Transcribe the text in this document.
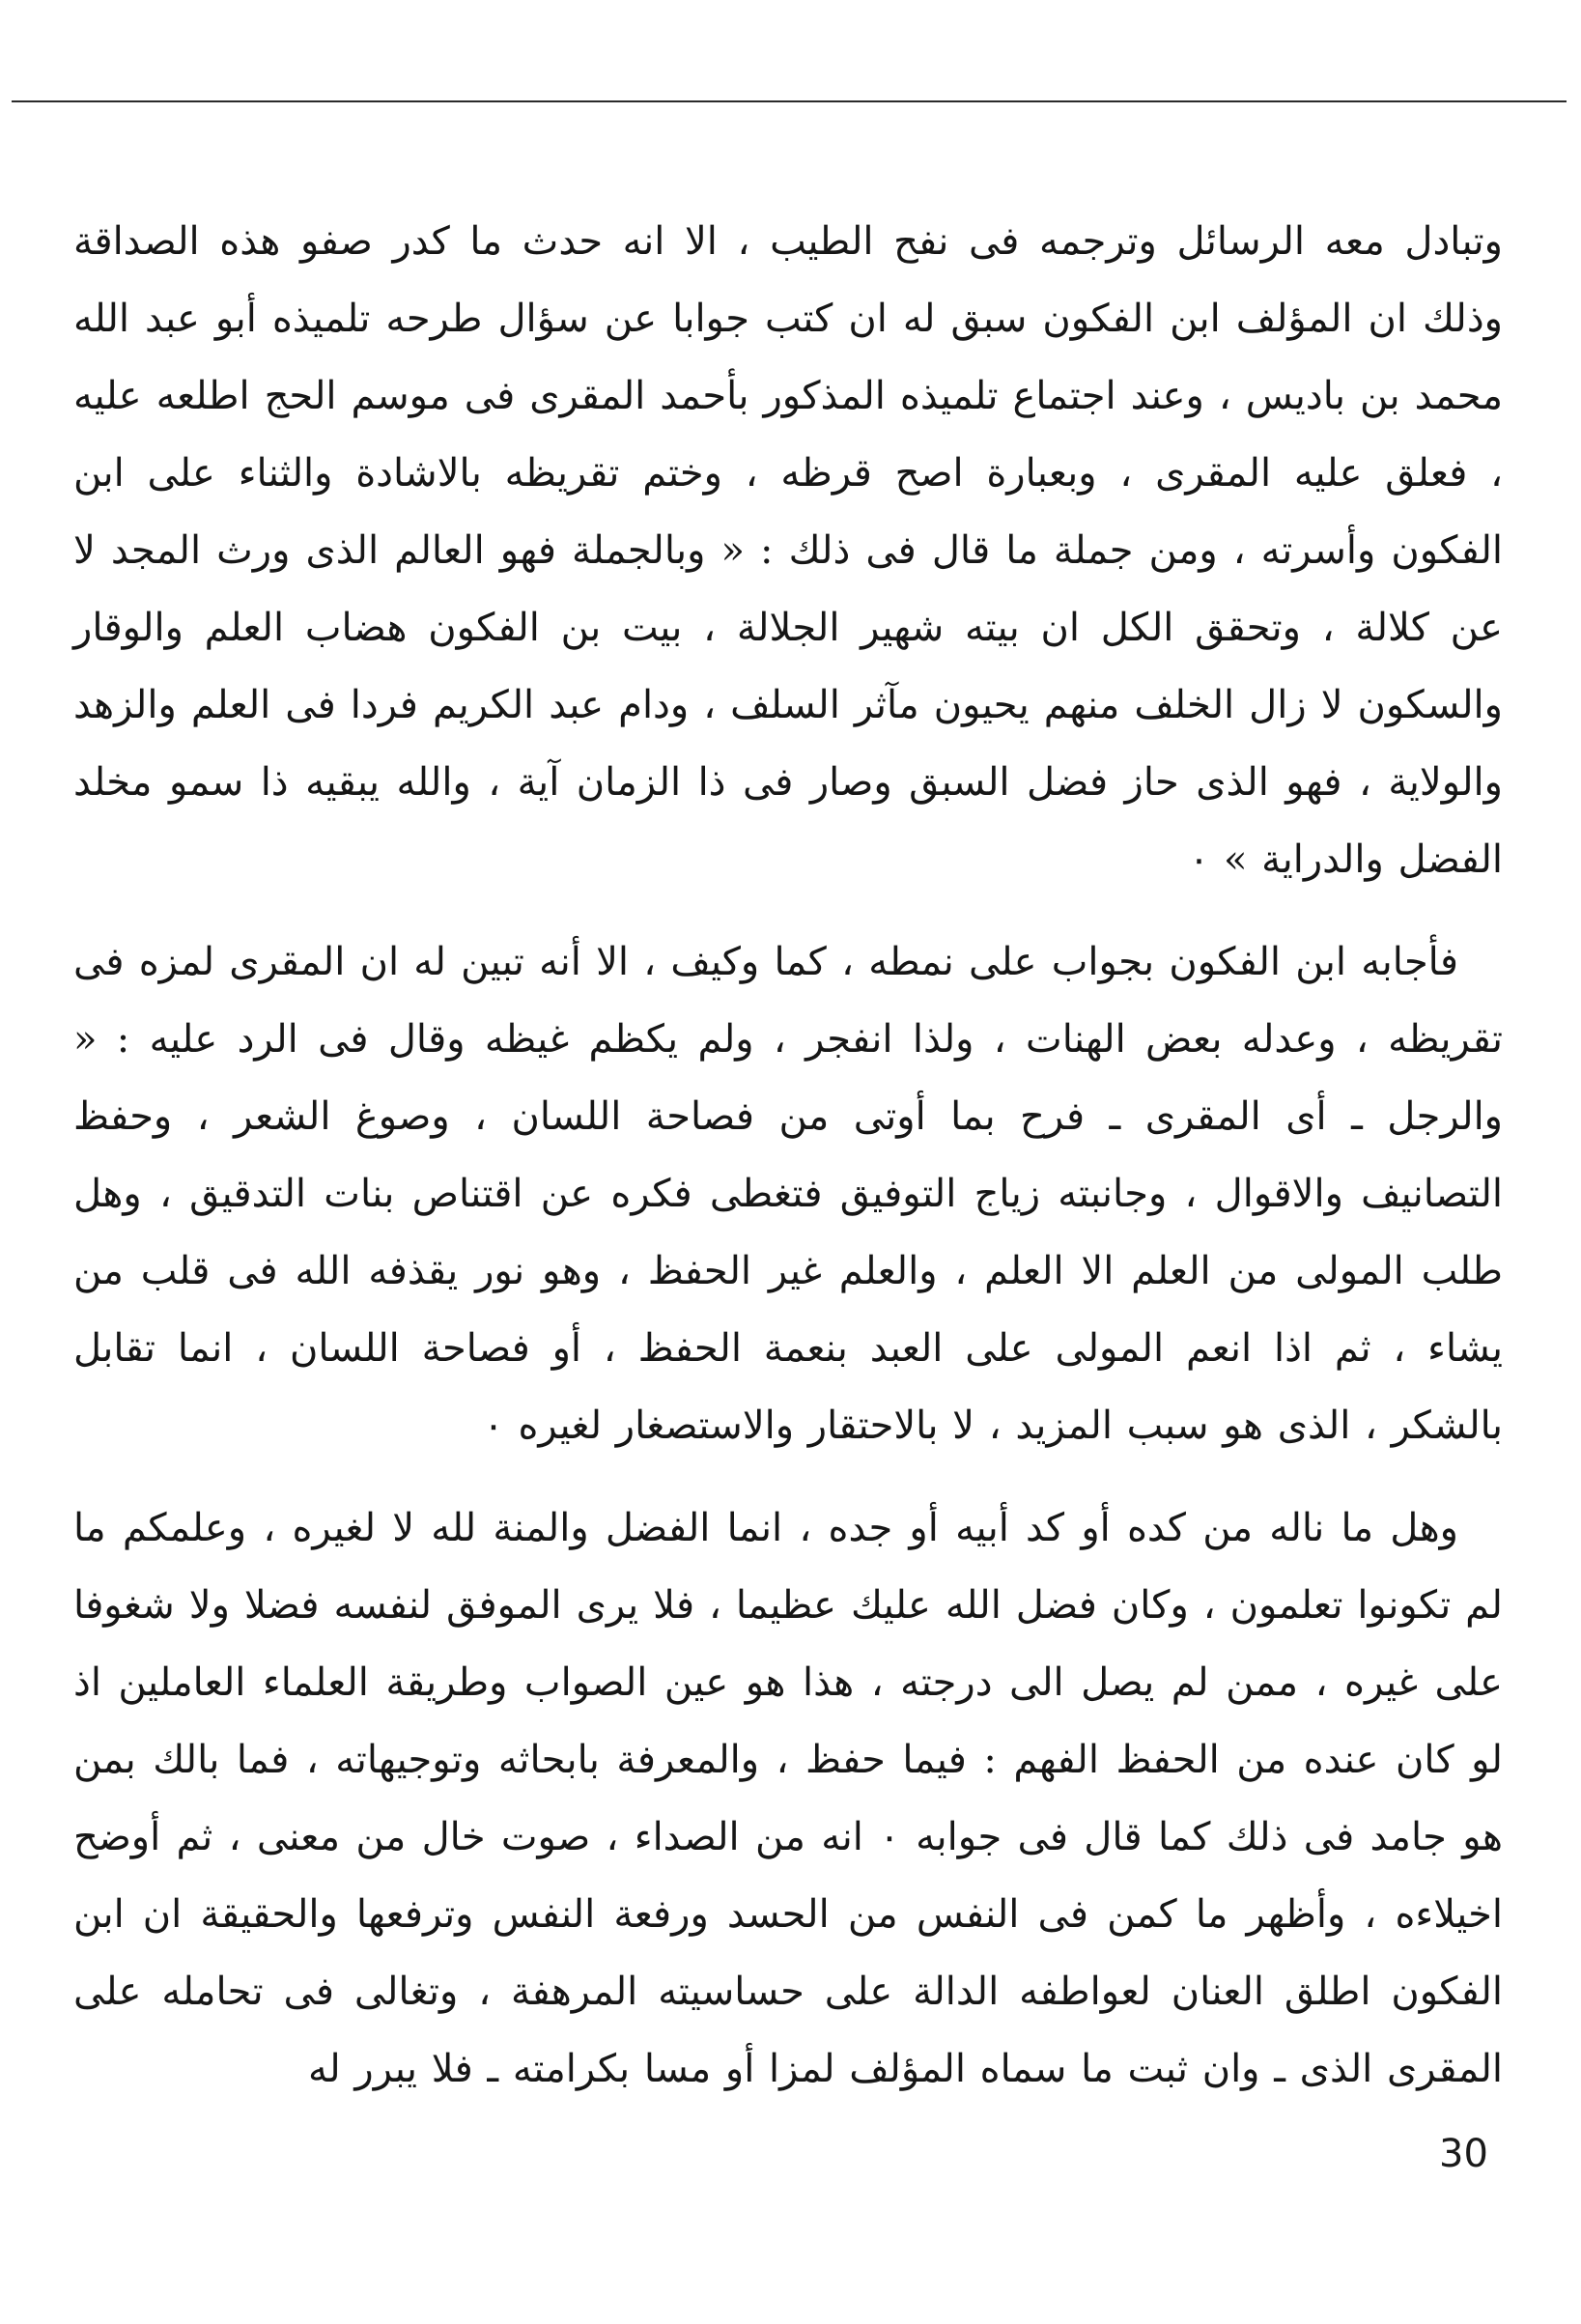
وتبادل معه الرسائل وترجمه فى نفح الطيب ، الا انه حدث ما كدر صفو هذه الصداقة وذلك ان المؤلف ابن الفكون سبق له ان كتب جوابا عن سؤال طرحه تلميذه أبو عبد الله محمد بن باديس ، وعند اجتماع تلميذه المذكور بأحمد المقرى فى موسم الحج اطلعه عليه ، فعلق عليه المقرى ، وبعبارة اصح قرظه ، وختم تقريظه بالاشادة والثناء على ابن الفكون وأسرته ، ومن جملة ما قال فى ذلك : « وبالجملة فهو العالم الذى ورث المجد لا عن كلالة ، وتحقق الكل ان بيته شهير الجلالة ، بيت بن الفكون هضاب العلم والوقار والسكون لا زال الخلف منهم يحيون مآثر السلف ، ودام عبد الكريم فردا فى العلم والزهد والولاية ، فهو الذى حاز فضل السبق وصار فى ذا الزمان آية ، والله يبقيه ذا سمو مخلد الفضل والدراية » ٠

فأجابه ابن الفكون بجواب على نمطه ، كما وكيف ، الا أنه تبين له ان المقرى لمزه فى تقريظه ، وعدله بعض الهنات ، ولذا انفجر ، ولم يكظم غيظه وقال فى الرد عليه : « والرجل ـ أى المقرى ـ فرح بما أوتى من فصاحة اللسان ، وصوغ الشعر ، وحفظ التصانيف والاقوال ، وجانبته زياج التوفيق فتغطى فكره عن اقتناص بنات التدقيق ، وهل طلب المولى من العلم الا العلم ، والعلم غير الحفظ ، وهو نور يقذفه الله فى قلب من يشاء ، ثم اذا انعم المولى على العبد بنعمة الحفظ ، أو فصاحة اللسان ، انما تقابل بالشكر ، الذى هو سبب المزيد ، لا بالاحتقار والاستصغار لغيره ٠

وهل ما ناله من كده أو كد أبيه أو جده ، انما الفضل والمنة لله لا لغيره ، وعلمكم ما لم تكونوا تعلمون ، وكان فضل الله عليك عظيما ، فلا يرى الموفق لنفسه فضلا ولا شغوفا على غيره ، ممن لم يصل الى درجته ، هذا هو عين الصواب وطريقة العلماء العاملين اذ لو كان عنده من الحفظ الفهم : فيما حفظ ، والمعرفة بابحاثه وتوجيهاته ، فما بالك بمن هو جامد فى ذلك كما قال فى جوابه ٠ انه من الصداء ، صوت خال من معنى ، ثم أوضح اخيلاءه ، وأظهر ما كمن فى النفس من الحسد ورفعة النفس وترفعها والحقيقة ان ابن الفكون اطلق العنان لعواطفه الدالة على حساسيته المرهفة ، وتغالى فى تحامله على المقرى الذى ـ وان ثبت ما سماه المؤلف لمزا أو مسا بكرامته ـ فلا يبرر له

30
